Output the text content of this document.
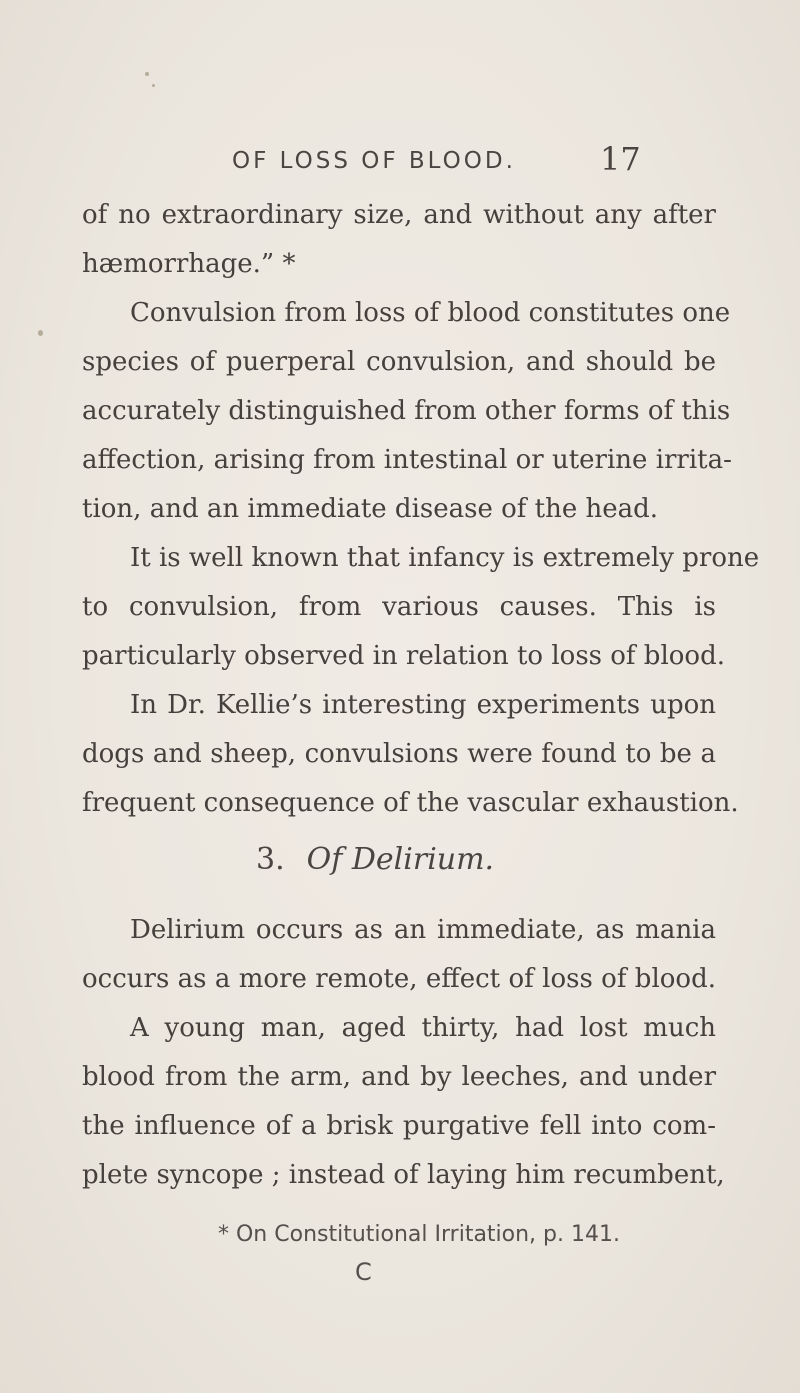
OF LOSS OF BLOOD.	17
of no extraordinary size, and without any after
hæmorrhage.” *
Convulsion from loss of blood constitutes one
species of puerperal convulsion, and should be
accurately distinguished from other forms of this
affection, arising from intestinal or uterine irrita-
tion, and an immediate disease of the head.
It is well known that infancy is extremely prone
to convulsion, from various causes. This is
particularly observed in relation to loss of blood.
In Dr. Kellie’s interesting experiments upon
dogs and sheep, convulsions were found to be a
frequent consequence of the vascular exhaustion.
3. Of Delirium.
Delirium occurs as an immediate, as mania
occurs as a more remote, effect of loss of blood.
A young man, aged thirty, had lost much
blood from the arm, and by leeches, and under
the influence of a brisk purgative fell into com-
plete syncope ; instead of laying him recumbent,
* On Constitutional Irritation, p. 141.
C
